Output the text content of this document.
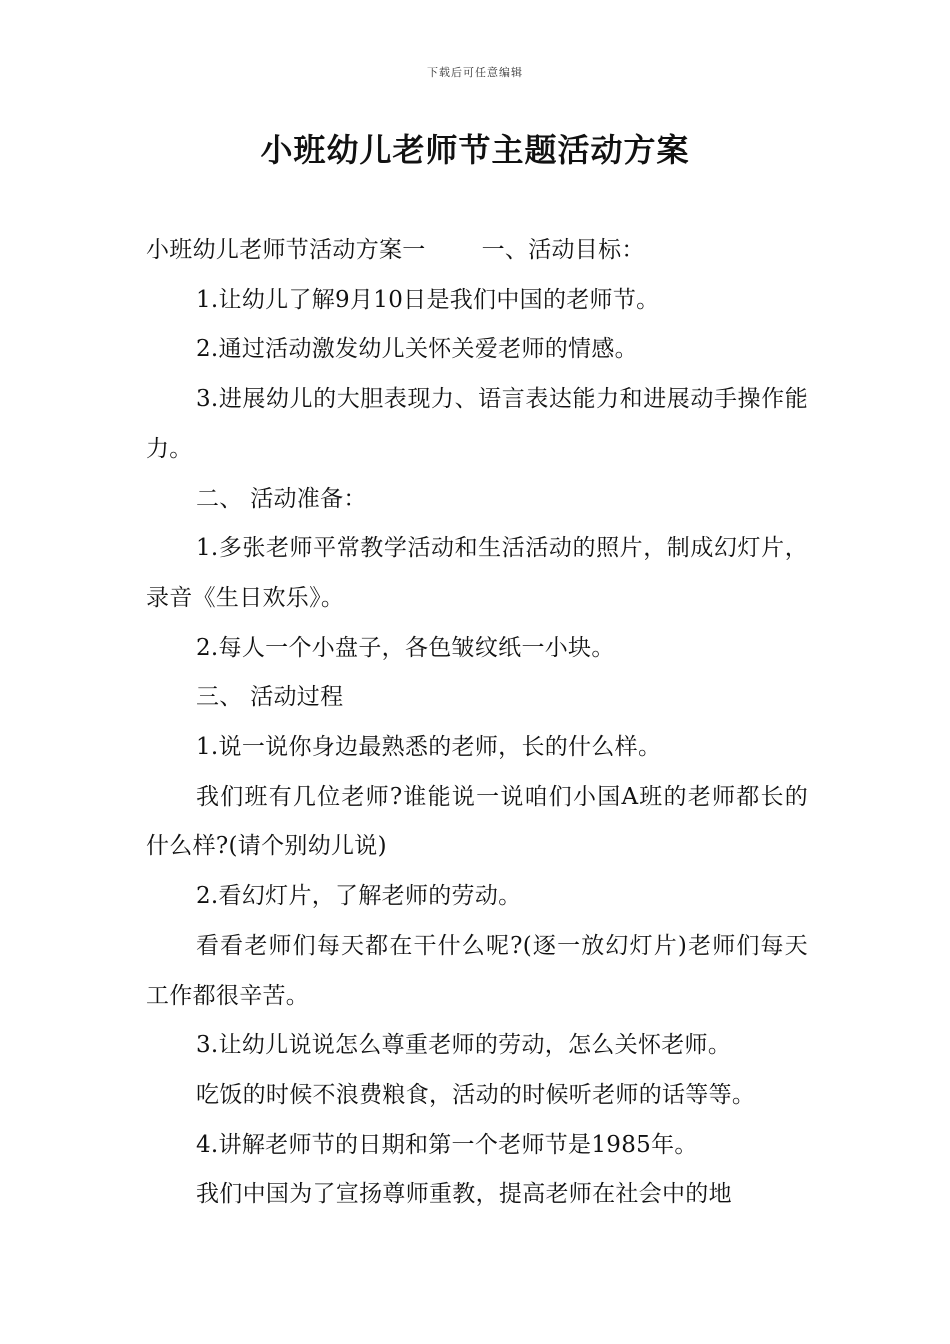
下载后可任意编辑
小班幼儿老师节主题活动方案

小班幼儿老师节活动方案一 一、活动目标：

1.让幼儿了解9月10日是我们中国的老师节。

2.通过活动激发幼儿关怀关爱老师的情感。

3.进展幼儿的大胆表现力、语言表达能力和进展动手操作能力。

二、 活动准备：

1.多张老师平常教学活动和生活活动的照片，制成幻灯片，录音《生日欢乐》。

2.每人一个小盘子，各色皱纹纸一小块。

三、 活动过程

1.说一说你身边最熟悉的老师，长的什么样。

我们班有几位老师?谁能说一说咱们小国A班的老师都长的什么样?(请个别幼儿说)

2.看幻灯片，了解老师的劳动。

看看老师们每天都在干什么呢?(逐一放幻灯片)老师们每天工作都很辛苦。

3.让幼儿说说怎么尊重老师的劳动，怎么关怀老师。

吃饭的时候不浪费粮食，活动的时候听老师的话等等。

4.讲解老师节的日期和第一个老师节是1985年。

我们中国为了宣扬尊师重教，提高老师在社会中的地
